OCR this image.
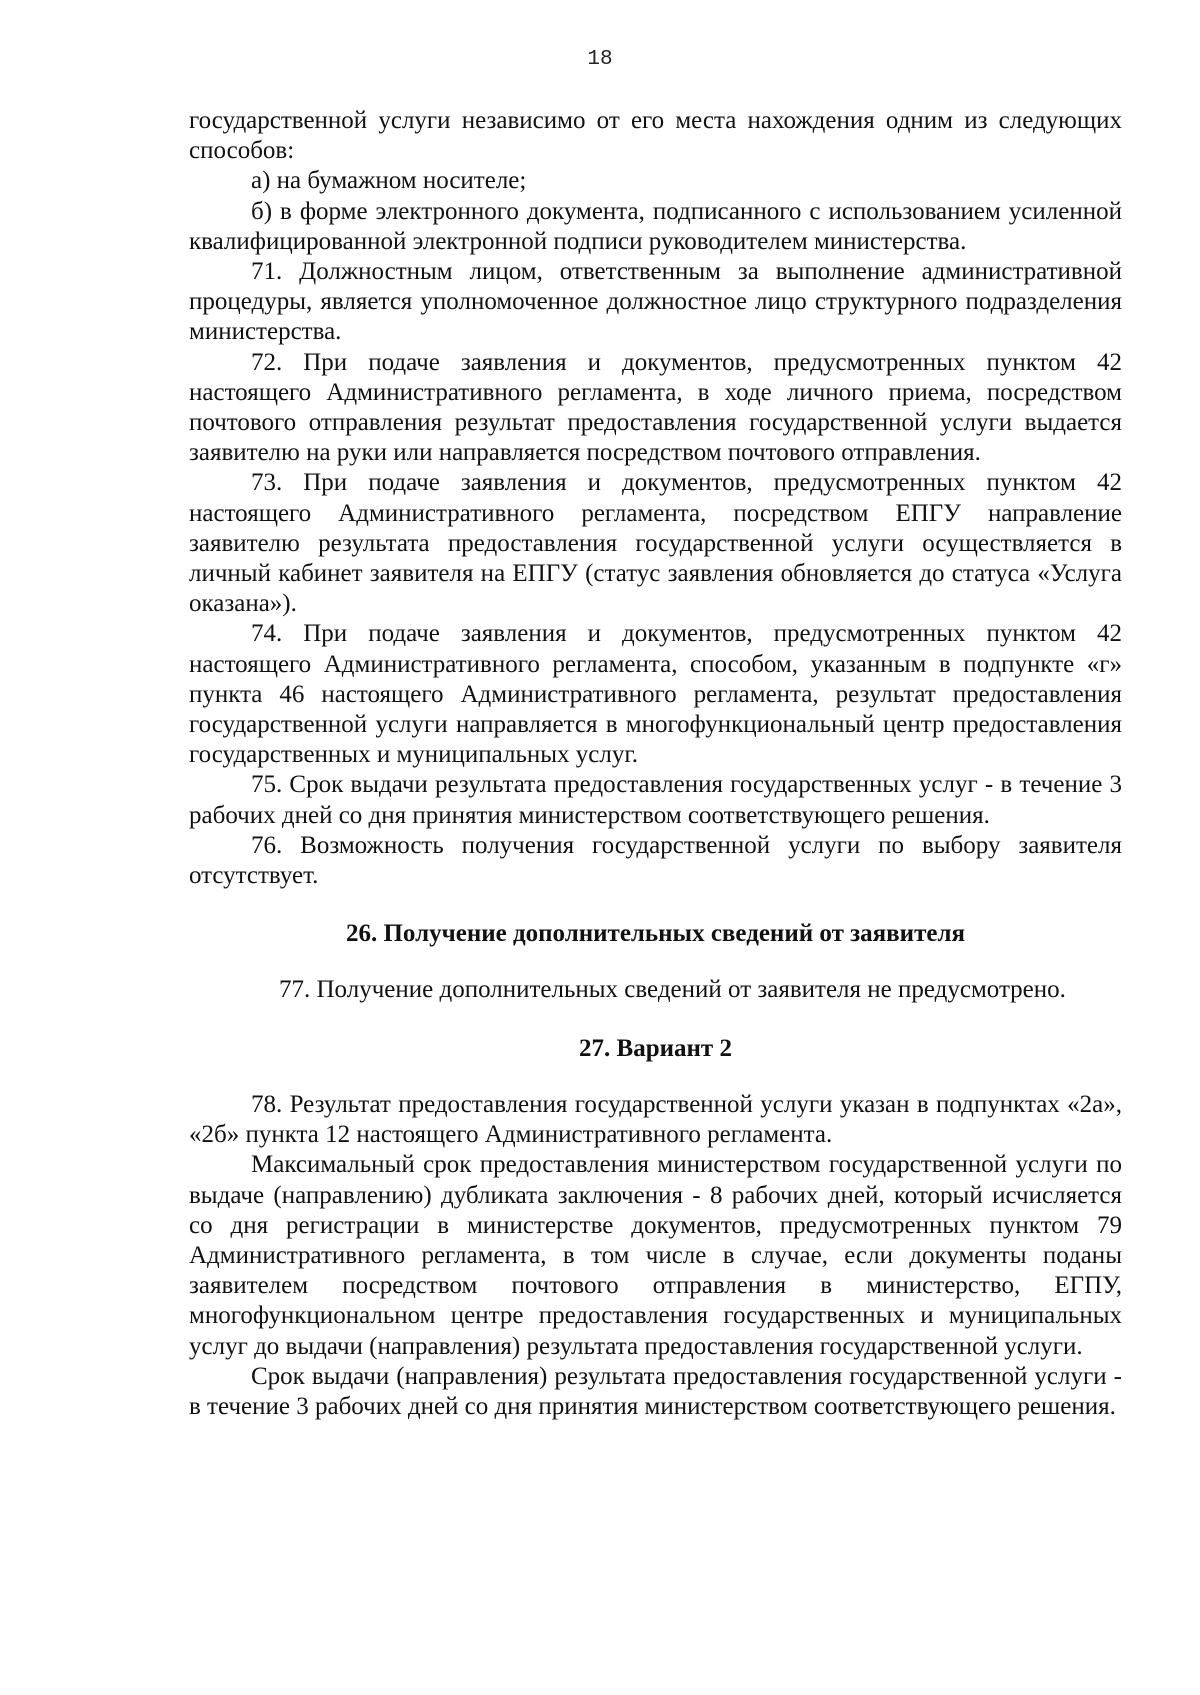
18

государственной услуги независимо от его места нахождения одним из следующих способов:

а) на бумажном носителе;

б) в форме электронного документа, подписанного с использованием усиленной квалифицированной электронной подписи руководителем министерства.

71. Должностным лицом, ответственным за выполнение административной процедуры, является уполномоченное должностное лицо структурного подразделения министерства.

72. При подаче заявления и документов, предусмотренных пунктом 42 настоящего Административного регламента, в ходе личного приема, посредством почтового отправления результат предоставления государственной услуги выдается заявителю на руки или направляется посредством почтового отправления.

73. При подаче заявления и документов, предусмотренных пунктом 42 настоящего Административного регламента, посредством ЕПГУ направление заявителю результата предоставления государственной услуги осуществляется в личный кабинет заявителя на ЕПГУ (статус заявления обновляется до статуса «Услуга оказана»).

74. При подаче заявления и документов, предусмотренных пунктом 42 настоящего Административного регламента, способом, указанным в подпункте «г» пункта 46 настоящего Административного регламента, результат предоставления государственной услуги направляется в многофункциональный центр предоставления государственных и муниципальных услуг.

75. Срок выдачи результата предоставления государственных услуг - в течение 3 рабочих дней со дня принятия министерством соответствующего решения.

76. Возможность получения государственной услуги по выбору заявителя отсутствует.

26. Получение дополнительных сведений от заявителя

77. Получение дополнительных сведений от заявителя не предусмотрено.

27. Вариант 2

78. Результат предоставления государственной услуги указан в подпунктах «2а», «2б» пункта 12 настоящего Административного регламента.

Максимальный срок предоставления министерством государственной услуги по выдаче (направлению) дубликата заключения - 8 рабочих дней, который исчисляется со дня регистрации в министерстве документов, предусмотренных пунктом 79 Административного регламента, в том числе в случае, если документы поданы заявителем посредством почтового отправления в министерство, ЕГПУ, многофункциональном центре предоставления государственных и муниципальных услуг до выдачи (направления) результата предоставления государственной услуги.

Срок выдачи (направления) результата предоставления государственной услуги - в течение 3 рабочих дней со дня принятия министерством соответствующего решения.
